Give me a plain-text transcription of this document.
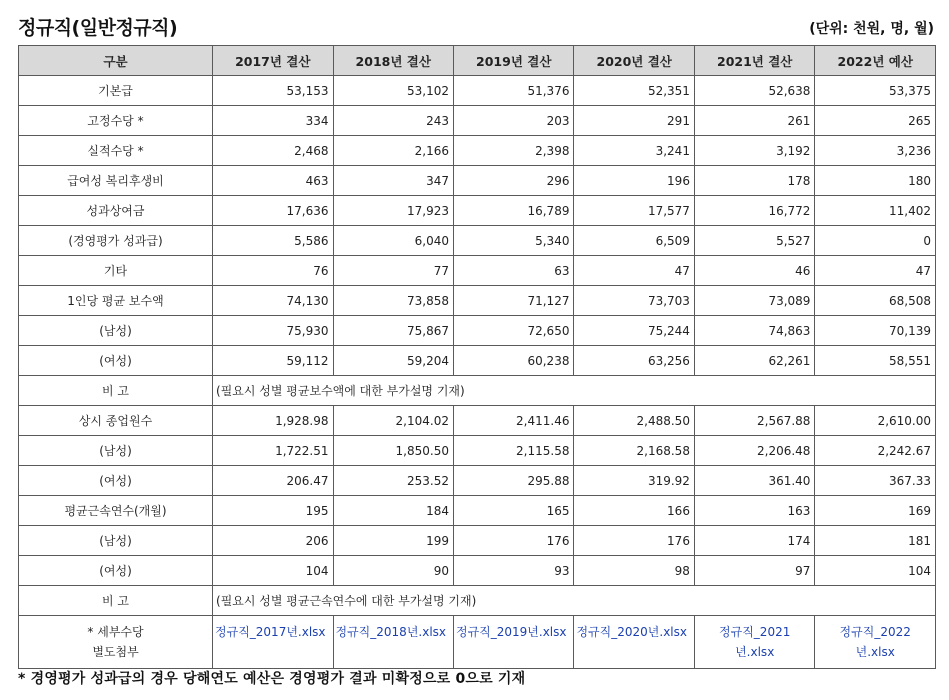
정규직(일반정규직)	(단위: 천원, 명, 월)
구분	2017년 결산	2018년 결산	2019년 결산	2020년 결산	2021년 결산	2022년 예산
기본급	53,153	53,102	51,376	52,351	52,638	53,375
고정수당 *	334	243	203	291	261	265
실적수당 *	2,468	2,166	2,398	3,241	3,192	3,236
급여성 복리후생비	463	347	296	196	178	180
성과상여금	17,636	17,923	16,789	17,577	16,772	11,402
(경영평가 성과급)	5,586	6,040	5,340	6,509	5,527	0
기타	76	77	63	47	46	47
1인당 평균 보수액	74,130	73,858	71,127	73,703	73,089	68,508
(남성)	75,930	75,867	72,650	75,244	74,863	70,139
(여성)	59,112	59,204	60,238	63,256	62,261	58,551
비 고	(필요시 성별 평균보수액에 대한 부가설명 기재)					
상시 종업원수	1,928.98	2,104.02	2,411.46	2,488.50	2,567.88	2,610.00
(남성)	1,722.51	1,850.50	2,115.58	2,168.58	2,206.48	2,242.67
(여성)	206.47	253.52	295.88	319.92	361.40	367.33
평균근속연수(개월)	195	184	165	166	163	169
(남성)	206	199	176	176	174	181
(여성)	104	90	93	98	97	104
비 고	(필요시 성별 평균근속연수에 대한 부가설명 기재)					

* 세부수당
별도첨부	정규직_2017년.xlsx	정규직_2018년.xlsx	정규직_2019년.xlsx	정규직_2020년.xlsx	정규직_2021년.xlsx	정규직_2022년.xlsx
* 경영평가 성과급의 경우 당해연도 예산은 경영평가 결과 미확정으로 0으로 기재
